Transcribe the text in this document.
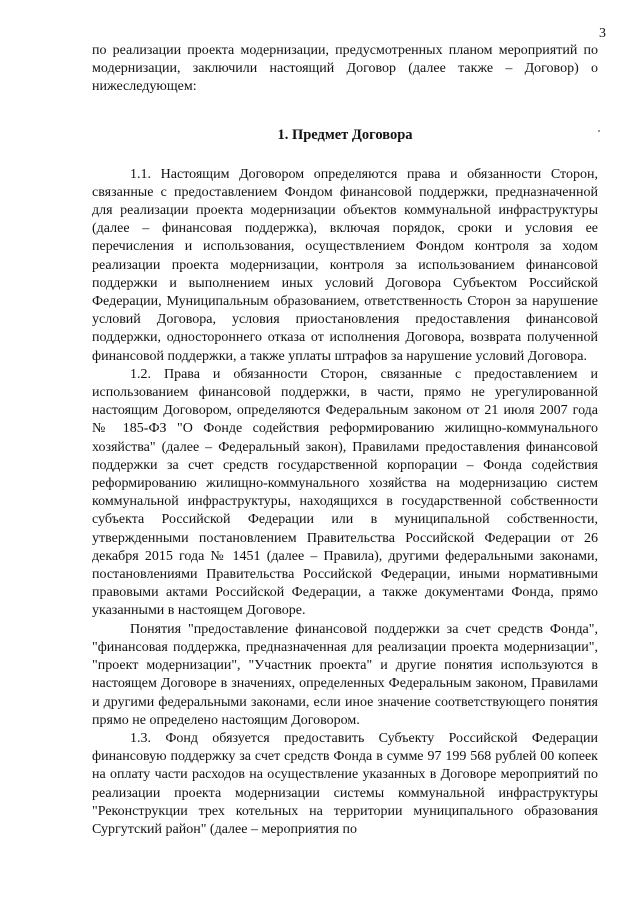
3

по реализации проекта модернизации, предусмотренных планом мероприятий по модернизации, заключили настоящий Договор (далее также – Договор) о нижеследующем:

1. Предмет Договора

1.1. Настоящим Договором определяются права и обязанности Сторон, связанные с предоставлением Фондом финансовой поддержки, предназначенной для реализации проекта модернизации объектов коммунальной инфраструктуры (далее – финансовая поддержка), включая порядок, сроки и условия ее перечисления и использования, осуществлением Фондом контроля за ходом реализации проекта модернизации, контроля за использованием финансовой поддержки и выполнением иных условий Договора Субъектом Российской Федерации, Муниципальным образованием, ответственность Сторон за нарушение условий Договора, условия приостановления предоставления финансовой поддержки, одностороннего отказа от исполнения Договора, возврата полученной финансовой поддержки, а также уплаты штрафов за нарушение условий Договора.

1.2. Права и обязанности Сторон, связанные с предоставлением и использованием финансовой поддержки, в части, прямо не урегулированной настоящим Договором, определяются Федеральным законом от 21 июля 2007 года № 185-ФЗ "О Фонде содействия реформированию жилищно-коммунального хозяйства" (далее – Федеральный закон), Правилами предоставления финансовой поддержки за счет средств государственной корпорации – Фонда содействия реформированию жилищно-коммунального хозяйства на модернизацию систем коммунальной инфраструктуры, находящихся в государственной собственности субъекта Российской Федерации или в муниципальной собственности, утвержденными постановлением Правительства Российской Федерации от 26 декабря 2015 года № 1451 (далее – Правила), другими федеральными законами, постановлениями Правительства Российской Федерации, иными нормативными правовыми актами Российской Федерации, а также документами Фонда, прямо указанными в настоящем Договоре.

Понятия "предоставление финансовой поддержки за счет средств Фонда", "финансовая поддержка, предназначенная для реализации проекта модернизации", "проект модернизации", "Участник проекта" и другие понятия используются в настоящем Договоре в значениях, определенных Федеральным законом, Правилами и другими федеральными законами, если иное значение соответствующего понятия прямо не определено настоящим Договором.

1.3. Фонд обязуется предоставить Субъекту Российской Федерации финансовую поддержку за счет средств Фонда в сумме 97 199 568 рублей 00 копеек на оплату части расходов на осуществление указанных в Договоре мероприятий по реализации проекта модернизации системы коммунальной инфраструктуры "Реконструкции трех котельных на территории муниципального образования Сургутский район" (далее – мероприятия по
